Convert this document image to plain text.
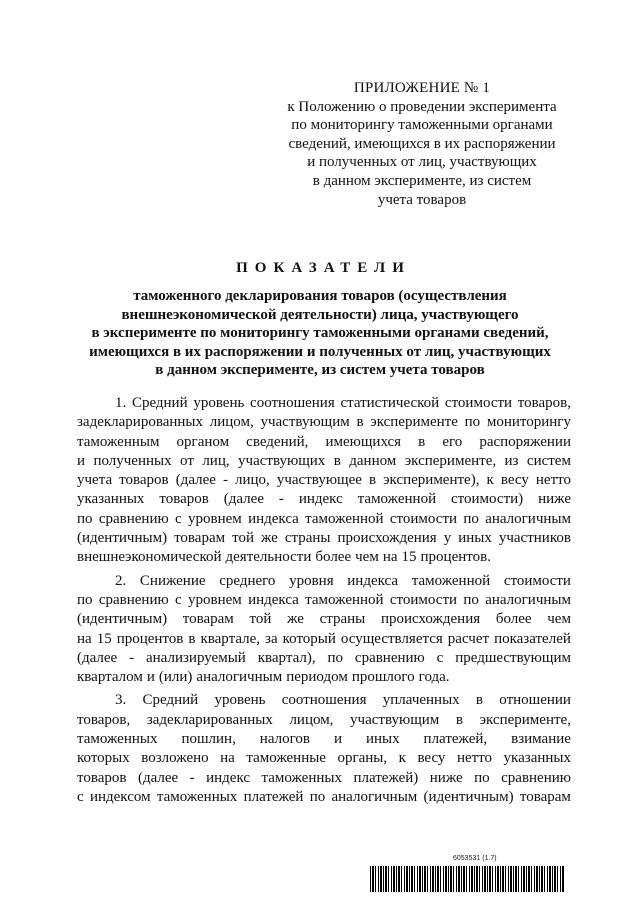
ПРИЛОЖЕНИЕ № 1
к Положению о проведении эксперимента
по мониторингу таможенными органами
сведений, имеющихся в их распоряжении
и полученных от лиц, участвующих
в данном эксперименте, из систем
учета товаров
ПОКАЗАТЕЛИ
таможенного декларирования товаров (осуществления
внешнеэкономической деятельности) лица, участвующего
в эксперименте по мониторингу таможенными органами сведений,
имеющихся в их распоряжении и полученных от лиц, участвующих
в данном эксперименте, из систем учета товаров
1. Средний уровень соотношения статистической стоимости товаров,
задекларированных лицом, участвующим в эксперименте по мониторингу
таможенным органом сведений, имеющихся в его распоряжении
и полученных от лиц, участвующих в данном эксперименте, из систем
учета товаров (далее - лицо, участвующее в эксперименте), к весу нетто
указанных товаров (далее - индекс таможенной стоимости) ниже
по сравнению с уровнем индекса таможенной стоимости по аналогичным
(идентичным) товарам той же страны происхождения у иных участников
внешнеэкономической деятельности более чем на 15 процентов.
2. Снижение среднего уровня индекса таможенной стоимости
по сравнению с уровнем индекса таможенной стоимости по аналогичным
(идентичным) товарам той же страны происхождения более чем
на 15 процентов в квартале, за который осуществляется расчет показателей
(далее - анализируемый квартал), по сравнению с предшествующим
кварталом и (или) аналогичным периодом прошлого года.
3. Средний уровень соотношения уплаченных в отношении
товаров, задекларированных лицом, участвующим в эксперименте,
таможенных пошлин, налогов и иных платежей, взимание
которых возложено на таможенные органы, к весу нетто указанных
товаров (далее - индекс таможенных платежей) ниже по сравнению
с индексом таможенных платежей по аналогичным (идентичным) товарам
6053531 (1.7)
